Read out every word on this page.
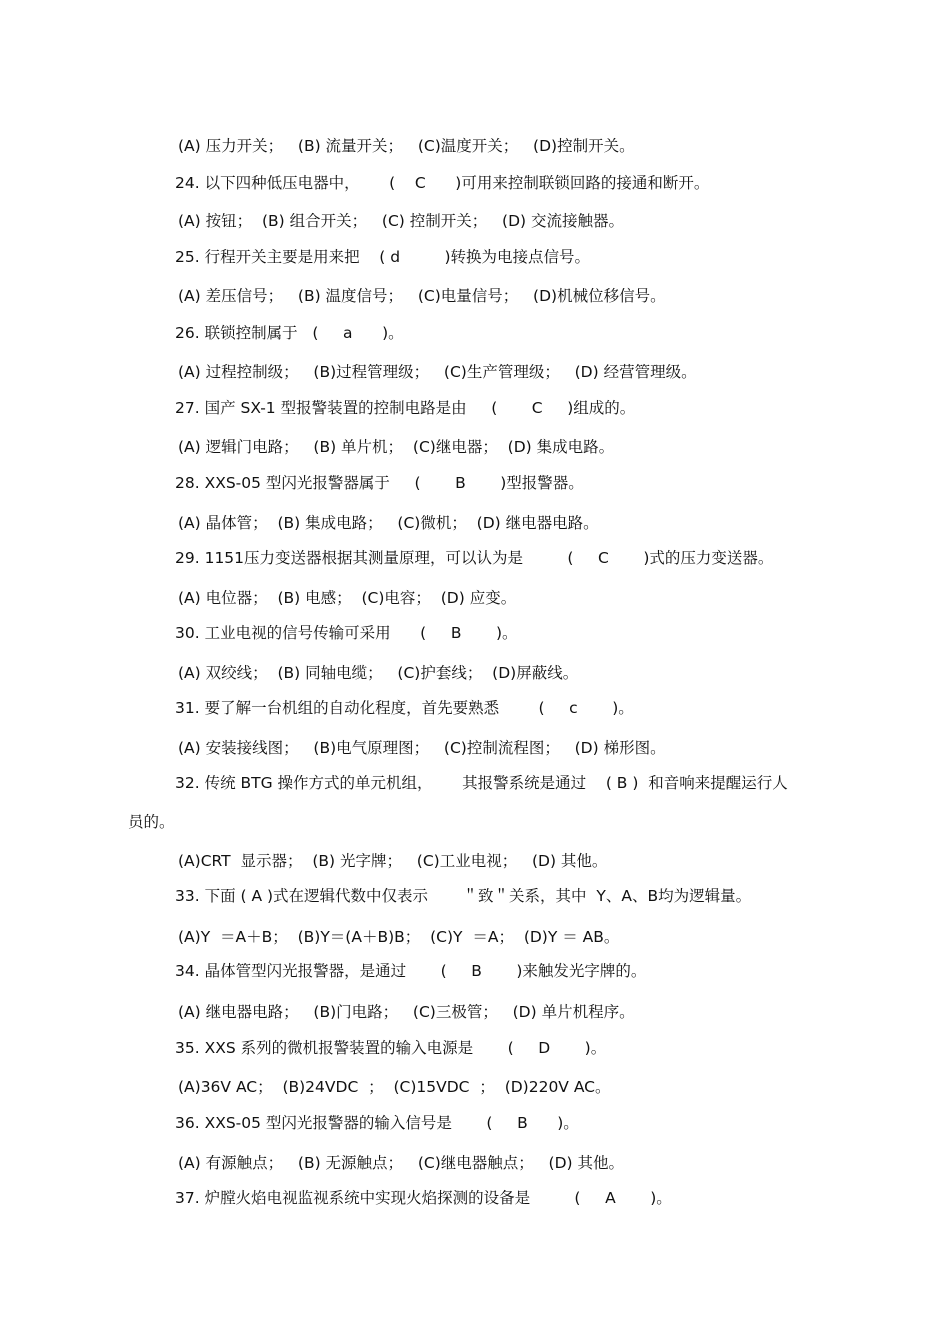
(A) 压力开关；   (B) 流量开关；   (C)温度开关；   (D)控制开关。
24. 以下四种低压电器中，      (    C      )可用来控制联锁回路的接通和断开。
(A) 按钮；  (B) 组合开关；   (C) 控制开关；   (D) 交流接触器。
25. 行程开关主要是用来把    ( d         )转换为电接点信号。
(A) 差压信号；   (B) 温度信号；   (C)电量信号；   (D)机械位移信号。
26. 联锁控制属于   (     a      )。
(A) 过程控制级；   (B)过程管理级；   (C)生产管理级；   (D) 经营管理级。
27. 国产 SX-1 型报警装置的控制电路是由     (       C     )组成的。
(A) 逻辑门电路；   (B) 单片机；  (C)继电器；  (D) 集成电路。
28. XXS-05 型闪光报警器属于     (       B       )型报警器。
(A) 晶体管；  (B) 集成电路；   (C)微机；  (D) 继电器电路。
29. 1151压力变送器根据其测量原理，可以认为是         (     C       )式的压力变送器。
(A) 电位器；  (B) 电感；  (C)电容；  (D) 应变。
30. 工业电视的信号传输可采用      (     B       )。
(A) 双绞线；  (B) 同轴电缆；   (C)护套线；  (D)屏蔽线。
31. 要了解一台机组的自动化程度，首先要熟悉        (     c       )。
(A) 安装接线图；   (B)电气原理图；   (C)控制流程图；   (D) 梯形图。
32. 传统 BTG 操作方式的单元机组，      其报警系统是通过    ( B )  和音响来提醒运行人
员的。
(A)CRT  显示器；  (B) 光字牌；   (C)工业电视；   (D) 其他。
33. 下面 ( A )式在逻辑代数中仅表示       ＂致＂关系，其中  Y、A、B均为逻辑量。
(A)Y  ＝A＋B；  (B)Y＝(A＋B)B；  (C)Y  ＝A；  (D)Y ＝ AB。
34. 晶体管型闪光报警器，是通过       (     B       )来触发光字牌的。
(A) 继电器电路；   (B)门电路；   (C)三极管；   (D) 单片机程序。
35. XXS 系列的微机报警装置的输入电源是       (     D       )。
(A)36V AC；  (B)24VDC  ；  (C)15VDC  ；  (D)220V AC。
36. XXS-05 型闪光报警器的输入信号是       (     B      )。
(A) 有源触点；   (B) 无源触点；   (C)继电器触点；   (D) 其他。
37. 炉膛火焰电视监视系统中实现火焰探测的设备是         (     A       )。
